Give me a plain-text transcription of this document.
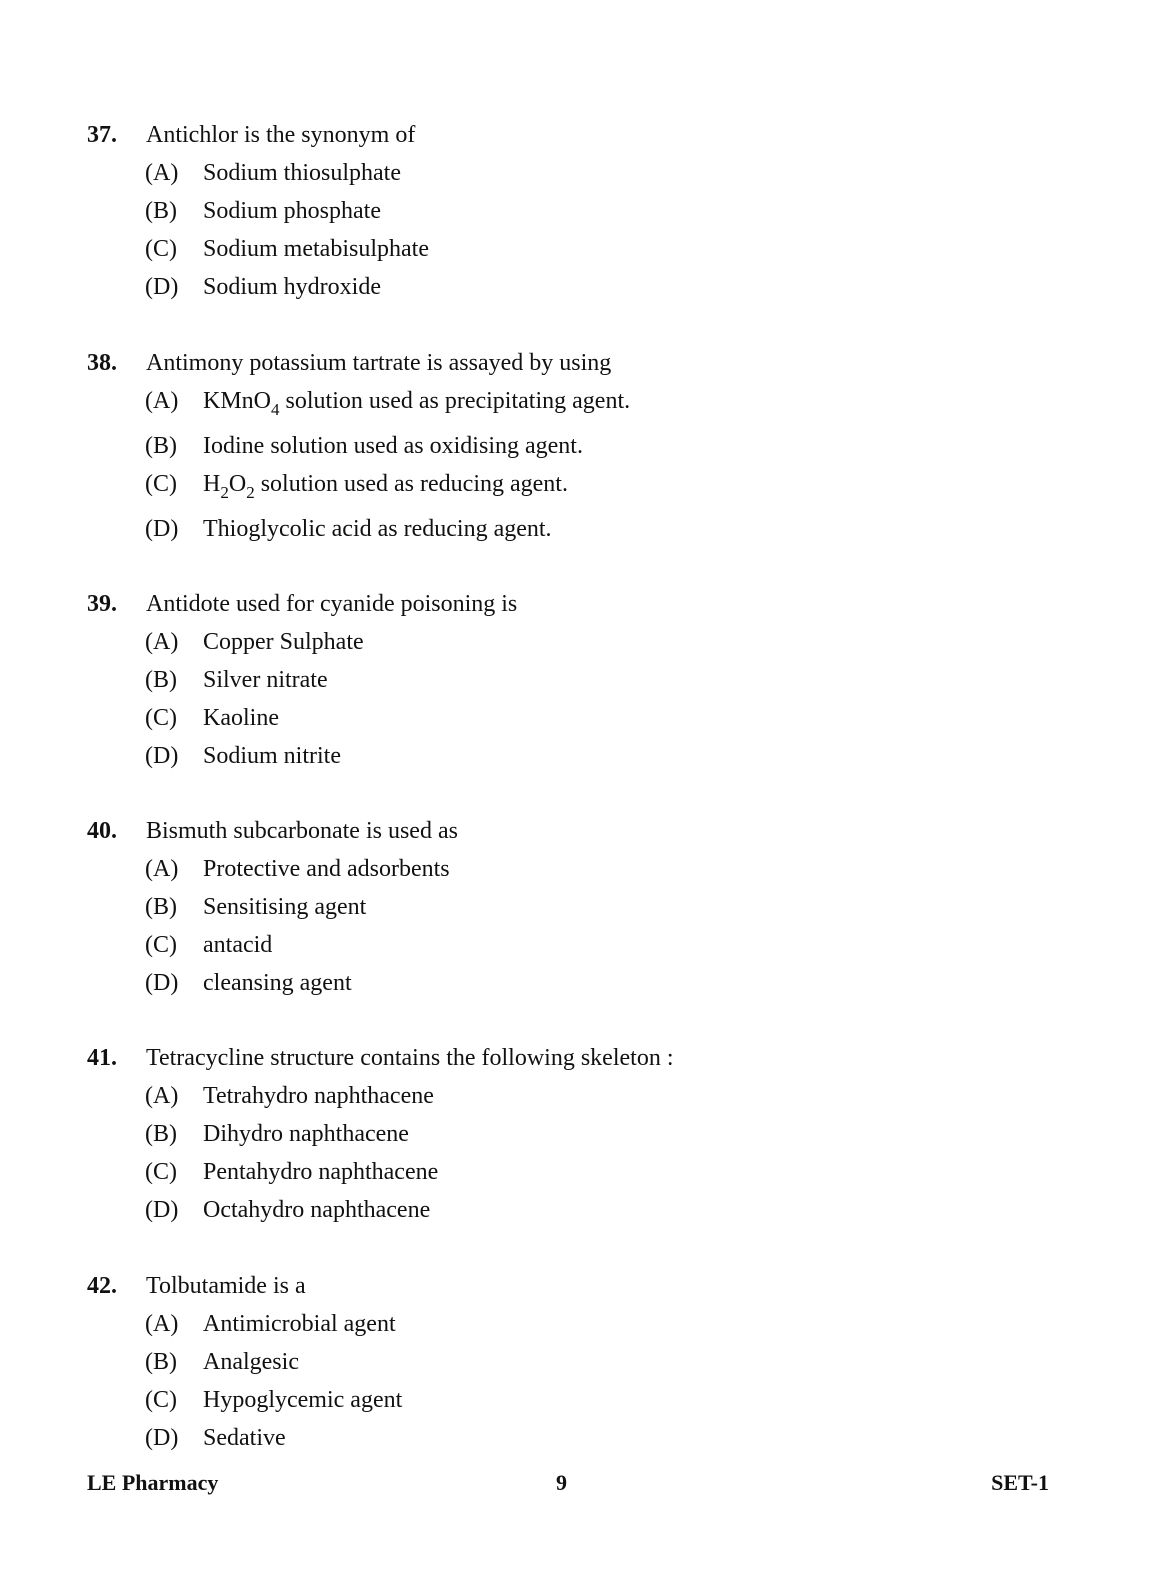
37.	Antichlor is the synonym of
(A)	Sodium thiosulphate
(B)	Sodium phosphate
(C)	Sodium metabisulphate
(D)	Sodium hydroxide
38.	Antimony potassium tartrate is assayed by using
(A)	KMnO$_4$ solution used as precipitating agent.
(B)	Iodine solution used as oxidising agent.
(C)	$H_2O_2$ solution used as reducing agent.
(D)	Thioglycolic acid as reducing agent.
39.	Antidote used for cyanide poisoning is
(A)	Copper Sulphate
(B)	Silver nitrate
(C)	Kaoline
(D)	Sodium nitrite
40.	Bismuth subcarbonate is used as
(A)	Protective and adsorbents
(B)	Sensitising agent
(C)	antacid
(D)	cleansing agent
41.	Tetracycline structure contains the following skeleton :
(A)	Tetrahydro naphthacene
(B)	Dihydro naphthacene
(C)	Pentahydro naphthacene
(D)	Octahydro naphthacene
42.	Tolbutamide is a
(A)	Antimicrobial agent
(B)	Analgesic
(C)	Hypoglycemic agent
(D)	Sedative
LE Pharmacy	9	SET-1
